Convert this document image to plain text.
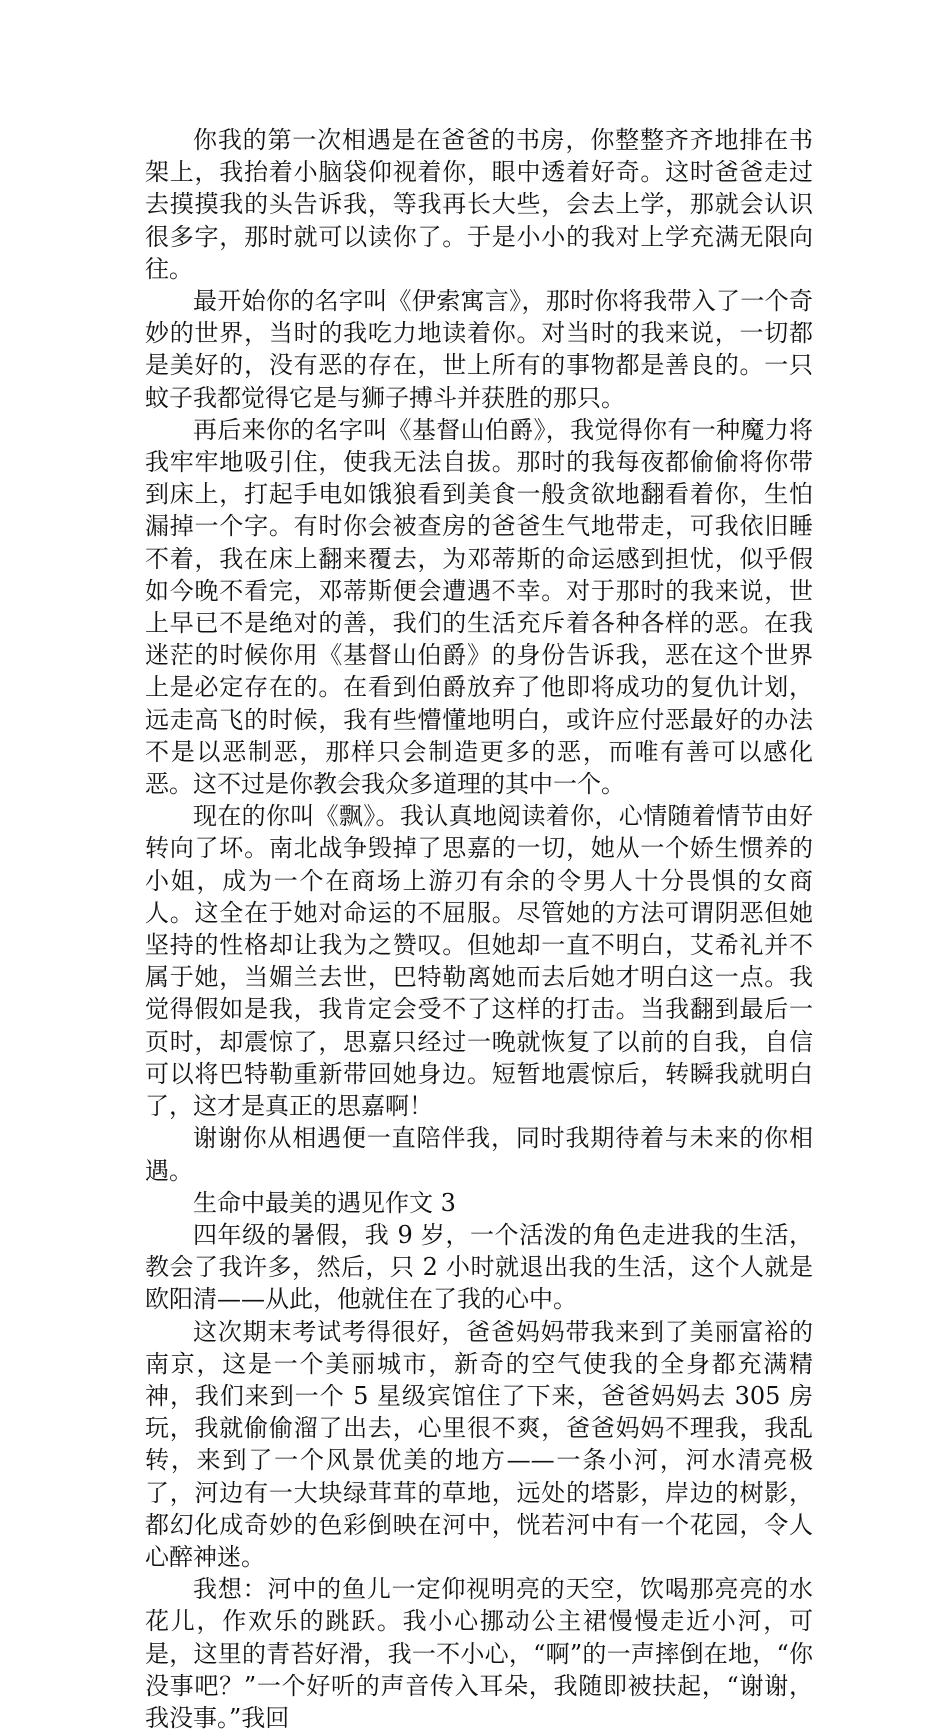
你我的第一次相遇是在爸爸的书房，你整整齐齐地排在书架上，我抬着小脑袋仰视着你，眼中透着好奇。这时爸爸走过去摸摸我的头告诉我，等我再长大些，会去上学，那就会认识很多字，那时就可以读你了。于是小小的我对上学充满无限向往。

最开始你的名字叫《伊索寓言》，那时你将我带入了一个奇妙的世界，当时的我吃力地读着你。对当时的我来说，一切都是美好的，没有恶的存在，世上所有的事物都是善良的。一只蚊子我都觉得它是与狮子搏斗并获胜的那只。

再后来你的名字叫《基督山伯爵》，我觉得你有一种魔力将我牢牢地吸引住，使我无法自拔。那时的我每夜都偷偷将你带到床上，打起手电如饿狼看到美食一般贪欲地翻看着你，生怕漏掉一个字。有时你会被查房的爸爸生气地带走，可我依旧睡不着，我在床上翻来覆去，为邓蒂斯的命运感到担忧，似乎假如今晚不看完，邓蒂斯便会遭遇不幸。对于那时的我来说，世上早已不是绝对的善，我们的生活充斥着各种各样的恶。在我迷茫的时候你用《基督山伯爵》的身份告诉我，恶在这个世界上是必定存在的。在看到伯爵放弃了他即将成功的复仇计划，远走高飞的时候，我有些懵懂地明白，或许应付恶最好的办法不是以恶制恶，那样只会制造更多的恶，而唯有善可以感化恶。这不过是你教会我众多道理的其中一个。

现在的你叫《飘》。我认真地阅读着你，心情随着情节由好转向了坏。南北战争毁掉了思嘉的一切，她从一个娇生惯养的小姐，成为一个在商场上游刃有余的令男人十分畏惧的女商人。这全在于她对命运的不屈服。尽管她的方法可谓阴恶但她坚持的性格却让我为之赞叹。但她却一直不明白，艾希礼并不属于她，当媚兰去世，巴特勒离她而去后她才明白这一点。我觉得假如是我，我肯定会受不了这样的打击。当我翻到最后一页时，却震惊了，思嘉只经过一晚就恢复了以前的自我，自信可以将巴特勒重新带回她身边。短暂地震惊后，转瞬我就明白了，这才是真正的思嘉啊！

谢谢你从相遇便一直陪伴我，同时我期待着与未来的你相遇。

生命中最美的遇见作文 3

四年级的暑假，我 9 岁，一个活泼的角色走进我的生活，教会了我许多，然后，只 2 小时就退出我的生活，这个人就是欧阳清——从此，他就住在了我的心中。

这次期末考试考得很好，爸爸妈妈带我来到了美丽富裕的南京，这是一个美丽城市，新奇的空气使我的全身都充满精神，我们来到一个 5 星级宾馆住了下来，爸爸妈妈去 305 房玩，我就偷偷溜了出去，心里很不爽，爸爸妈妈不理我，我乱转，来到了一个风景优美的地方——一条小河，河水清亮极了，河边有一大块绿茸茸的草地，远处的塔影，岸边的树影，都幻化成奇妙的色彩倒映在河中，恍若河中有一个花园，令人心醉神迷。

我想：河中的鱼儿一定仰视明亮的天空，饮喝那亮亮的水花儿，作欢乐的跳跃。我小心挪动公主裙慢慢走近小河，可是，这里的青苔好滑，我一不小心，“啊”的一声摔倒在地，“你没事吧？”一个好听的声音传入耳朵，我随即被扶起，“谢谢，我没事。”我回
